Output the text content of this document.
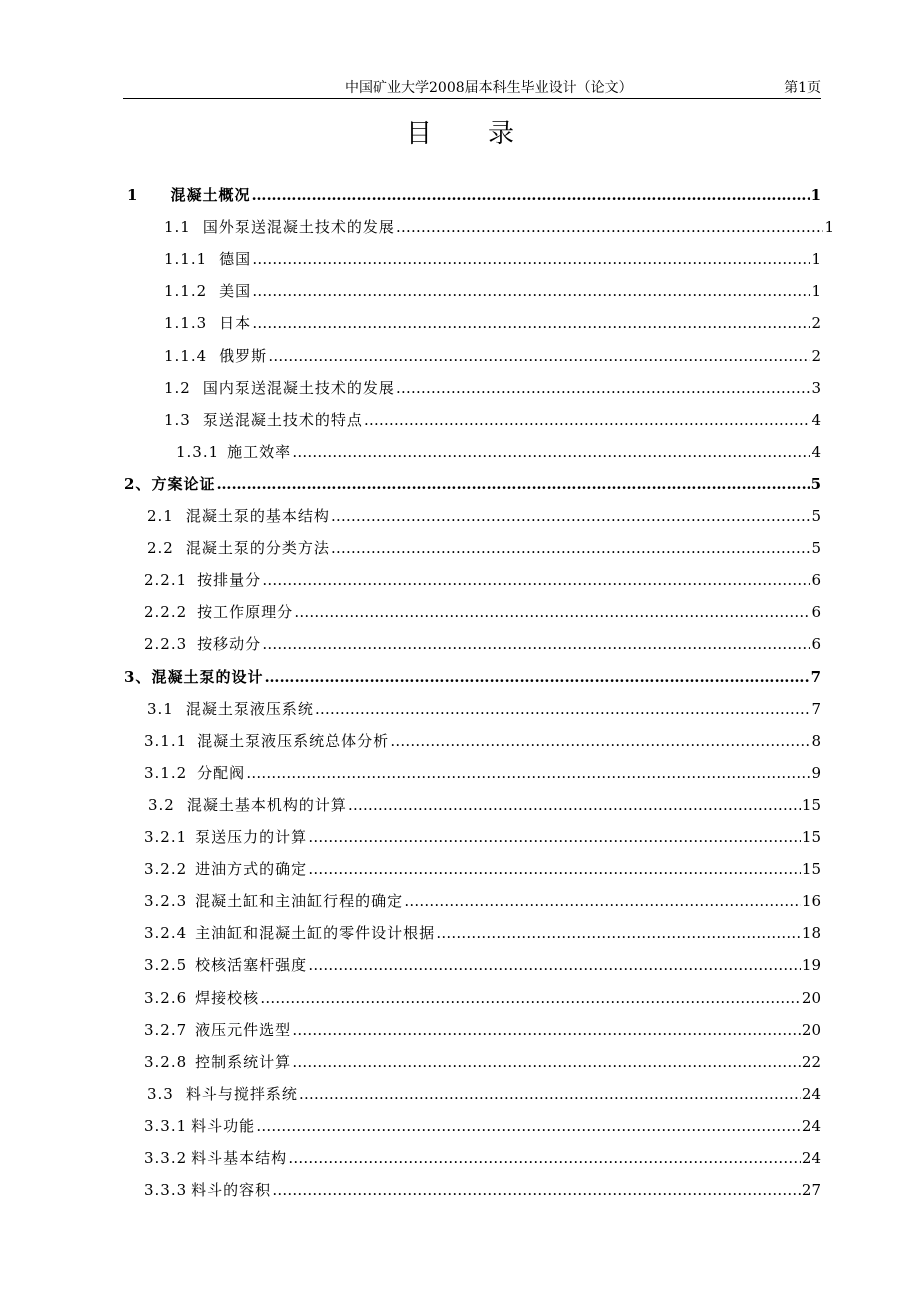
中国矿业大学2008届本科生毕业设计（论文）	第1页
目录
1 混凝土概况 …………………………………………………………………………………………………………………………………………………………………………	1
1.1 国外泵送混凝土技术的发展 …………………………………………………………………………………………………………………………………………………………………………	1
1.1.1 德国 …………………………………………………………………………………………………………………………………………………………………………	1
1.1.2 美国 …………………………………………………………………………………………………………………………………………………………………………	1
1.1.3 日本 …………………………………………………………………………………………………………………………………………………………………………	2
1.1.4 俄罗斯 …………………………………………………………………………………………………………………………………………………………………………	2
1.2 国内泵送混凝土技术的发展 …………………………………………………………………………………………………………………………………………………………………………	3
1.3 泵送混凝土技术的特点 …………………………………………………………………………………………………………………………………………………………………………	4
1.3.1 施工效率 …………………………………………………………………………………………………………………………………………………………………………	4
2、 方案论证 …………………………………………………………………………………………………………………………………………………………………………	5
2.1 混凝土泵的基本结构 …………………………………………………………………………………………………………………………………………………………………………	5
2.2 混凝土泵的分类方法 …………………………………………………………………………………………………………………………………………………………………………	5
2.2.1 按排量分 …………………………………………………………………………………………………………………………………………………………………………	6
2.2.2 按工作原理分 …………………………………………………………………………………………………………………………………………………………………………	6
2.2.3 按移动分 …………………………………………………………………………………………………………………………………………………………………………	6
3、 混凝土泵的设计 …………………………………………………………………………………………………………………………………………………………………………	7
3.1 混凝土泵液压系统 …………………………………………………………………………………………………………………………………………………………………………	7
3.1.1 混凝土泵液压系统总体分析 …………………………………………………………………………………………………………………………………………………………………………	8
3.1.2 分配阀 …………………………………………………………………………………………………………………………………………………………………………	9
3.2 混凝土基本机构的计算 …………………………………………………………………………………………………………………………………………………………………………	15
3.2.1 泵送压力的计算 …………………………………………………………………………………………………………………………………………………………………………	15
3.2.2 进油方式的确定 …………………………………………………………………………………………………………………………………………………………………………	15
3.2.3 混凝土缸和主油缸行程的确定 …………………………………………………………………………………………………………………………………………………………………………	16
3.2.4 主油缸和混凝土缸的零件设计根据 …………………………………………………………………………………………………………………………………………………………………………	18
3.2.5 校核活塞杆强度 …………………………………………………………………………………………………………………………………………………………………………	19
3.2.6 焊接校核 …………………………………………………………………………………………………………………………………………………………………………	20
3.2.7 液压元件选型 …………………………………………………………………………………………………………………………………………………………………………	20
3.2.8 控制系统计算 …………………………………………………………………………………………………………………………………………………………………………	22
3.3 料斗与搅拌系统 …………………………………………………………………………………………………………………………………………………………………………	24
3.3.1 料斗功能 …………………………………………………………………………………………………………………………………………………………………………	24
3.3.2 料斗基本结构 …………………………………………………………………………………………………………………………………………………………………………	24
3.3.3 料斗的容积 …………………………………………………………………………………………………………………………………………………………………………	27
